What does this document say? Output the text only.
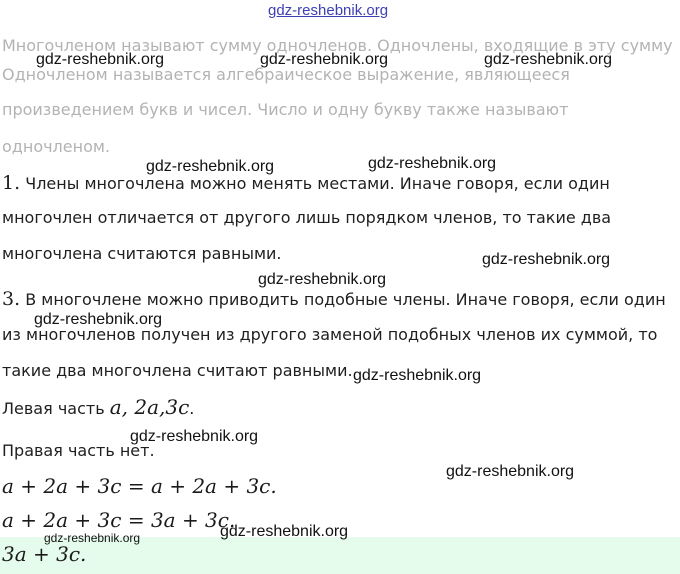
gdz-reshebnik.org
Многочленом называют сумму одночленов. Одночлены, входящие в эту сумму
Одночленом называется алгебраическое выражение, являющееся
произведением букв и чисел. Число и одну букву также называют
одночленом.
1. Члены многочлена можно менять местами. Иначе говоря, если один
многочлен отличается от другого лишь порядком членов, то такие два
многочлена считаются равными.
3. В многочлене можно приводить подобные члены. Иначе говоря, если один
из многочленов получен из другого заменой подобных членов их суммой, то
такие два многочлена считают равными.
Левая часть a, 2a,3c.
Правая часть нет.
a + 2a + 3c = a + 2a + 3c.
a + 2a + 3c = 3a + 3c.
3a + 3c.
gdz-reshebnik.org	gdz-reshebnik.org	gdz-reshebnik.org
gdz-reshebnik.org	gdz-reshebnik.org
gdz-reshebnik.org
gdz-reshebnik.org
gdz-reshebnik.org
gdz-reshebnik.org
gdz-reshebnik.org
gdz-reshebnik.org
gdz-reshebnik.org
gdz-reshebnik.org
